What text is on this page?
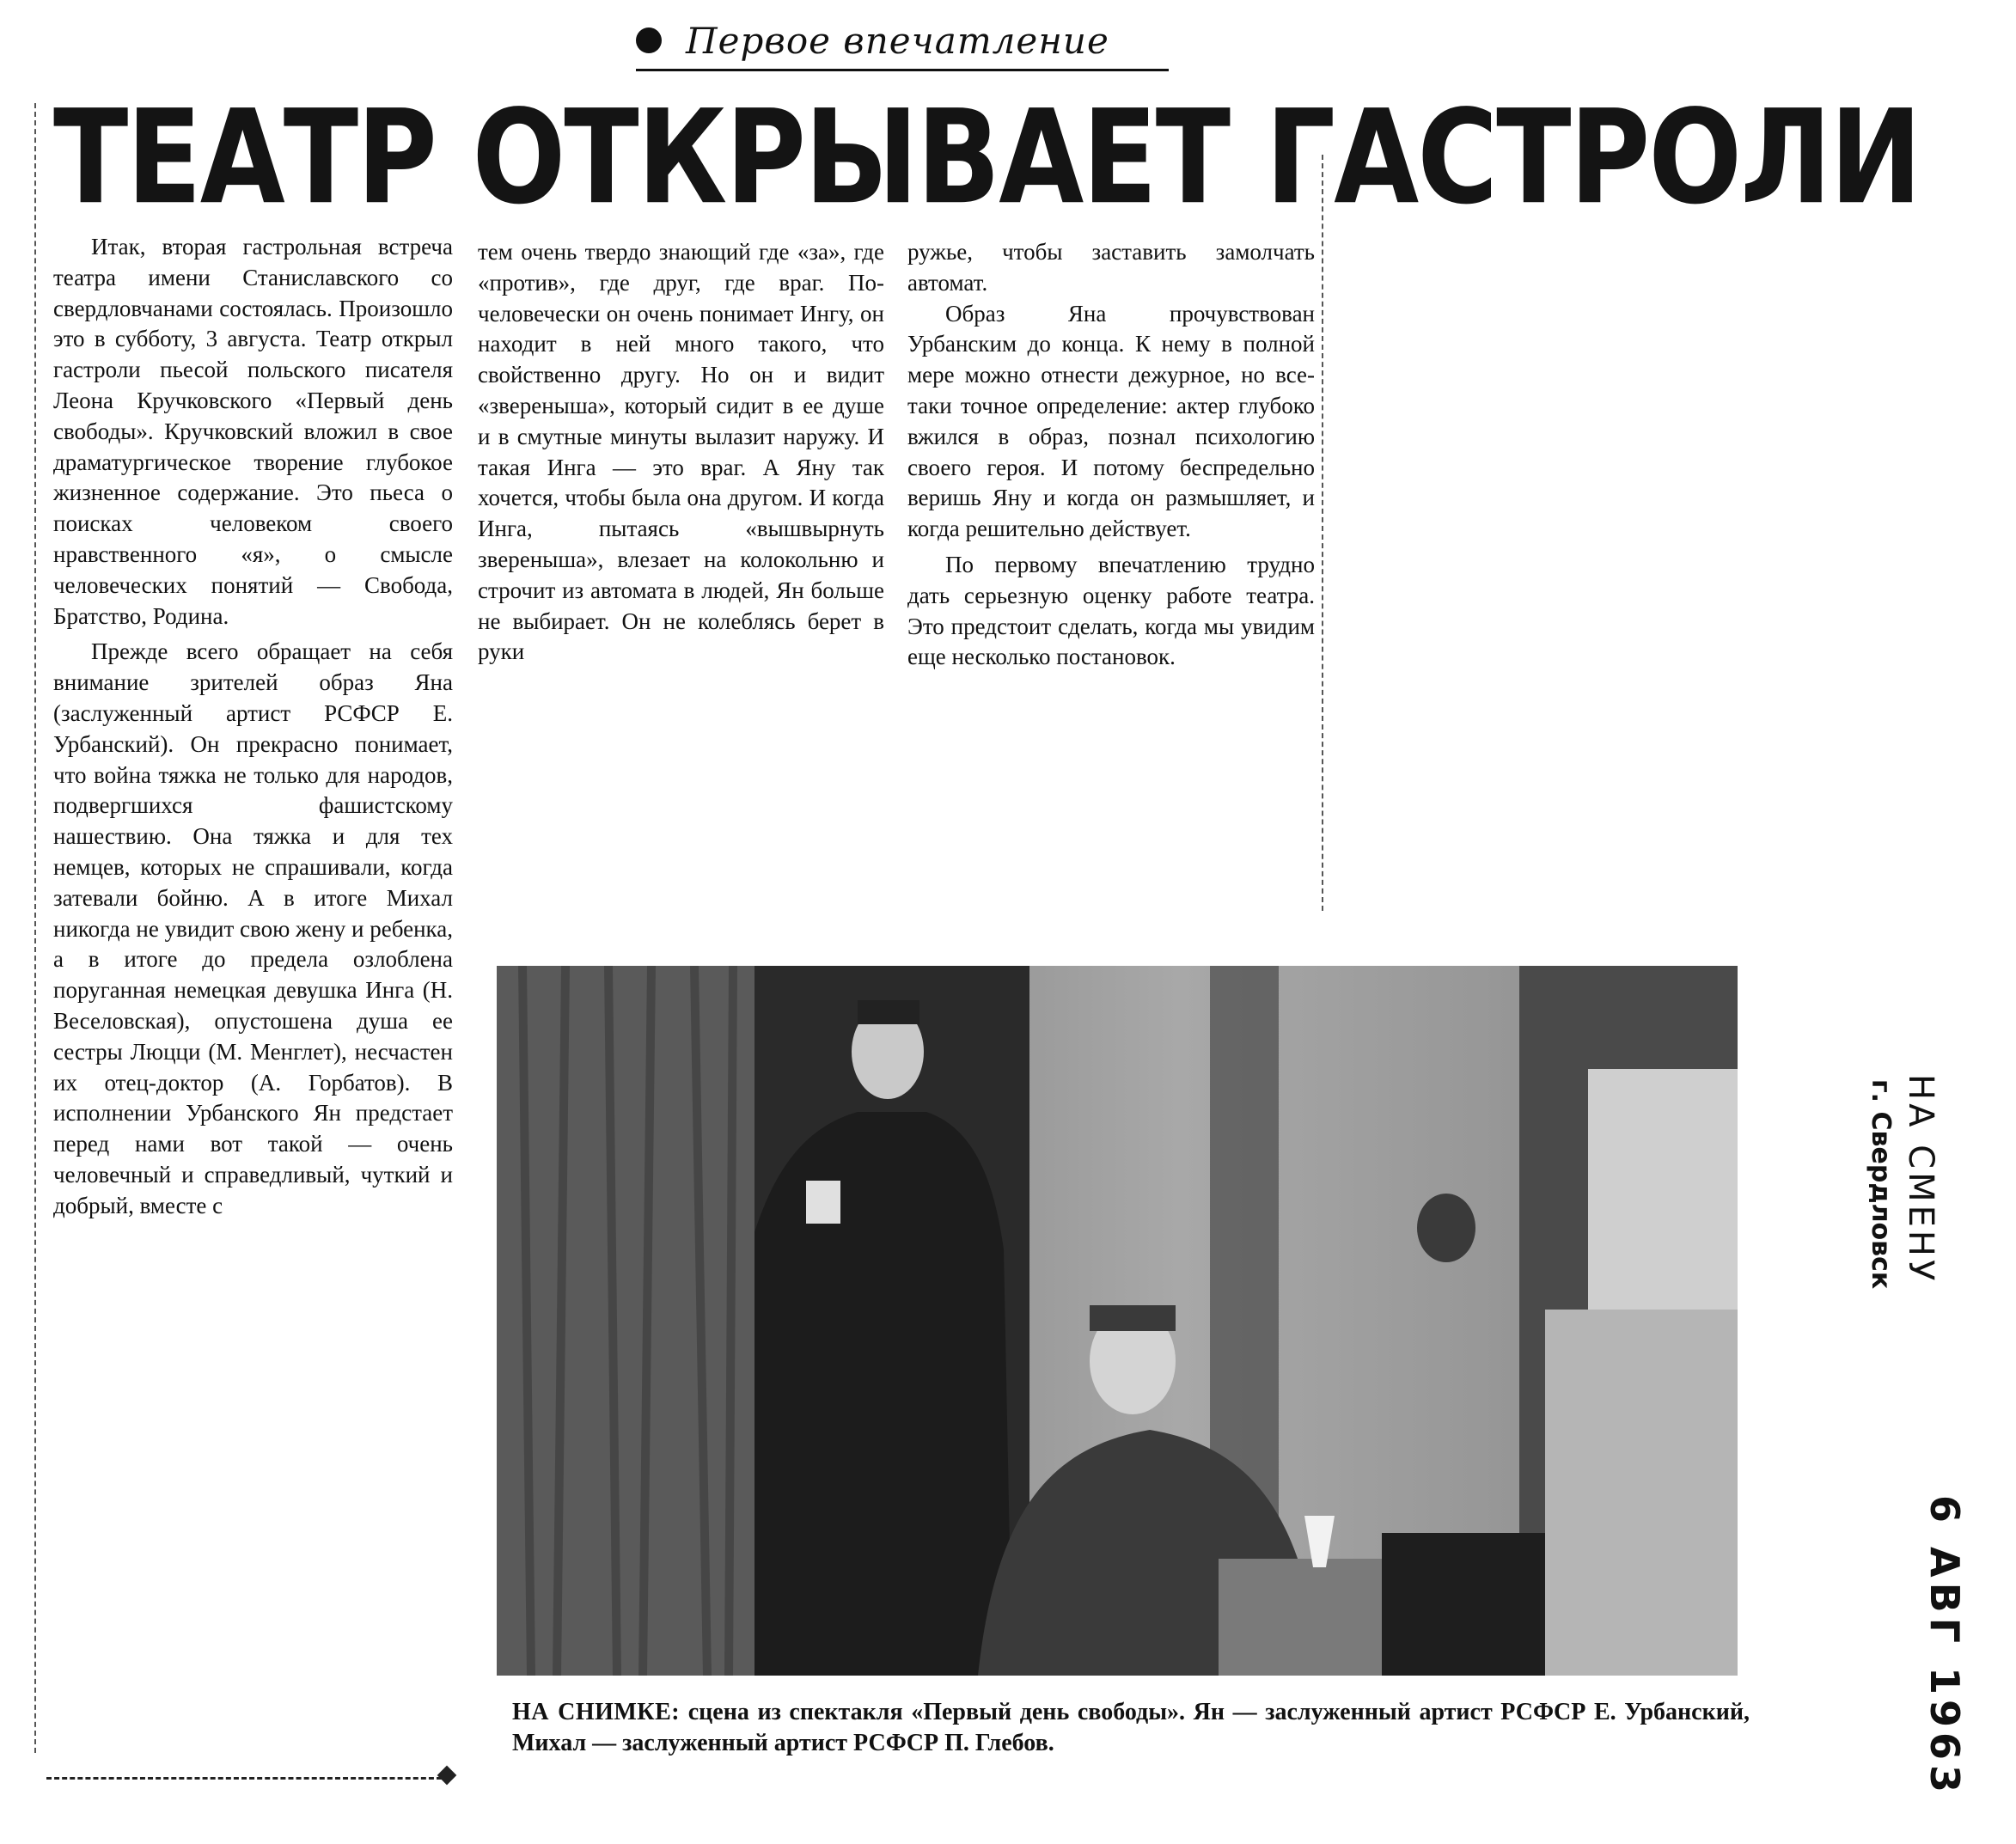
Первое впечатление
ТЕАТР ОТКРЫВАЕТ ГАСТРОЛИ

Итак, вторая гастрольная встреча театра имени Станиславского со свердловчанами состоялась. Произошло это в субботу, 3 августа. Театр открыл гастроли пьесой польского писателя Леона Кручковского «Первый день свободы». Кручковский вложил в свое драматургическое творение глубокое жизненное содержание. Это пьеса о поисках человеком своего нравственного «я», о смысле человеческих понятий — Свобода, Братство, Родина.

Прежде всего обращает на себя внимание зрителей образ Яна (заслуженный артист РСФСР Е. Урбанский). Он прекрасно понимает, что война тяжка не только для народов, подвергшихся фашистскому нашествию. Она тяжка и для тех немцев, которых не спрашивали, когда затевали бойню. А в итоге Михал никогда не увидит свою жену и ребенка, а в итоге до предела озлоблена поруганная немецкая девушка Инга (Н. Веселовская), опустошена душа ее сестры Люцци (М. Менглет), несчастен их отец-доктор (А. Горбатов). В исполнении Урбанского Ян предстает перед нами вот такой — очень человечный и справедливый, чуткий и добрый, вместе с

тем очень твердо знающий где «за», где «против», где друг, где враг. По-человечески он очень понимает Ингу, он находит в ней много такого, что свойственно другу. Но он и видит «звереныша», который сидит в ее душе и в смутные минуты вылазит наружу. И такая Инга — это враг. А Яну так хочется, чтобы была она другом. И когда Инга, пытаясь «вышвырнуть звереныша», влезает на колокольню и строчит из автомата в людей, Ян больше не выбирает. Он не колеблясь берет в руки

ружье, чтобы заставить замолчать автомат.

Образ Яна прочувствован Урбанским до конца. К нему в полной мере можно отнести дежурное, но все-таки точное определение: актер глубоко вжился в образ, познал психологию своего героя. И потому беспредельно веришь Яну и когда он размышляет, и когда решительно действует.

По первому впечатлению трудно дать серьезную оценку работе театра. Это предстоит сделать, когда мы увидим еще несколько постановок.

НА СНИМКЕ: сцена из спектакля «Первый день свободы». Ян — заслуженный артист РСФСР Е. Урбанский, Михал — заслуженный артист РСФСР П. Глебов.
НА СМЕНУ
г. Свердловск
6 АВГ 1963
